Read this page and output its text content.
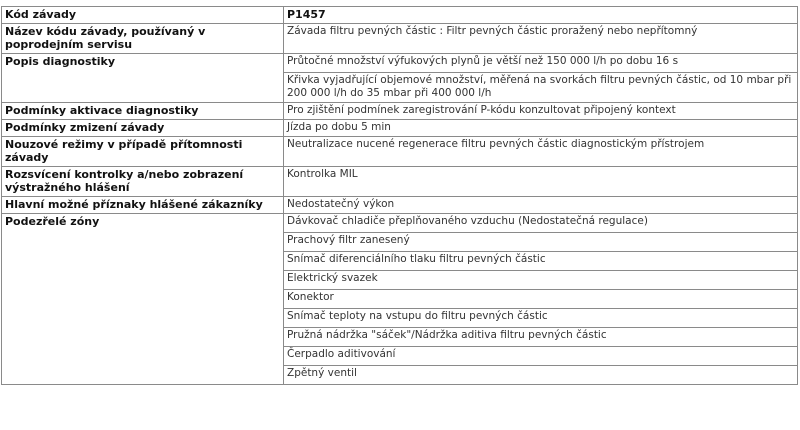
Kód závady	P1457
Název kódu závady, používaný v poprodejním servisu	Závada filtru pevných částic : Filtr pevných částic proražený nebo nepřítomný
Popis diagnostiky	Průtočné množství výfukových plynů je větší než 150 000 l/h po dobu 16 s
	Křivka vyjadřující objemové množství, měřená na svorkách filtru pevných částic, od 10 mbar při 200 000 l/h do 35 mbar při 400 000 l/h
Podmínky aktivace diagnostiky	Pro zjištění podmínek zaregistrování P-kódu konzultovat připojený kontext
Podmínky zmizení závady	Jízda po dobu 5 min
Nouzové režimy v případě přítomnosti závady	Neutralizace nucené regenerace filtru pevných částic diagnostickým přístrojem
Rozsvícení kontrolky a/nebo zobrazení výstražného hlášení	Kontrolka MIL
Hlavní možné příznaky hlášené zákazníky	Nedostatečný výkon
Podezřelé zóny	Dávkovač chladiče přeplňovaného vzduchu (Nedostatečná regulace)
	Prachový filtr zanesený
	Snímač diferenciálního tlaku filtru pevných částic
	Elektrický svazek
	Konektor
	Snímač teploty na vstupu do filtru pevných částic
	Pružná nádržka "sáček"/Nádržka aditiva filtru pevných částic
	Čerpadlo aditivování
	Zpětný ventil
